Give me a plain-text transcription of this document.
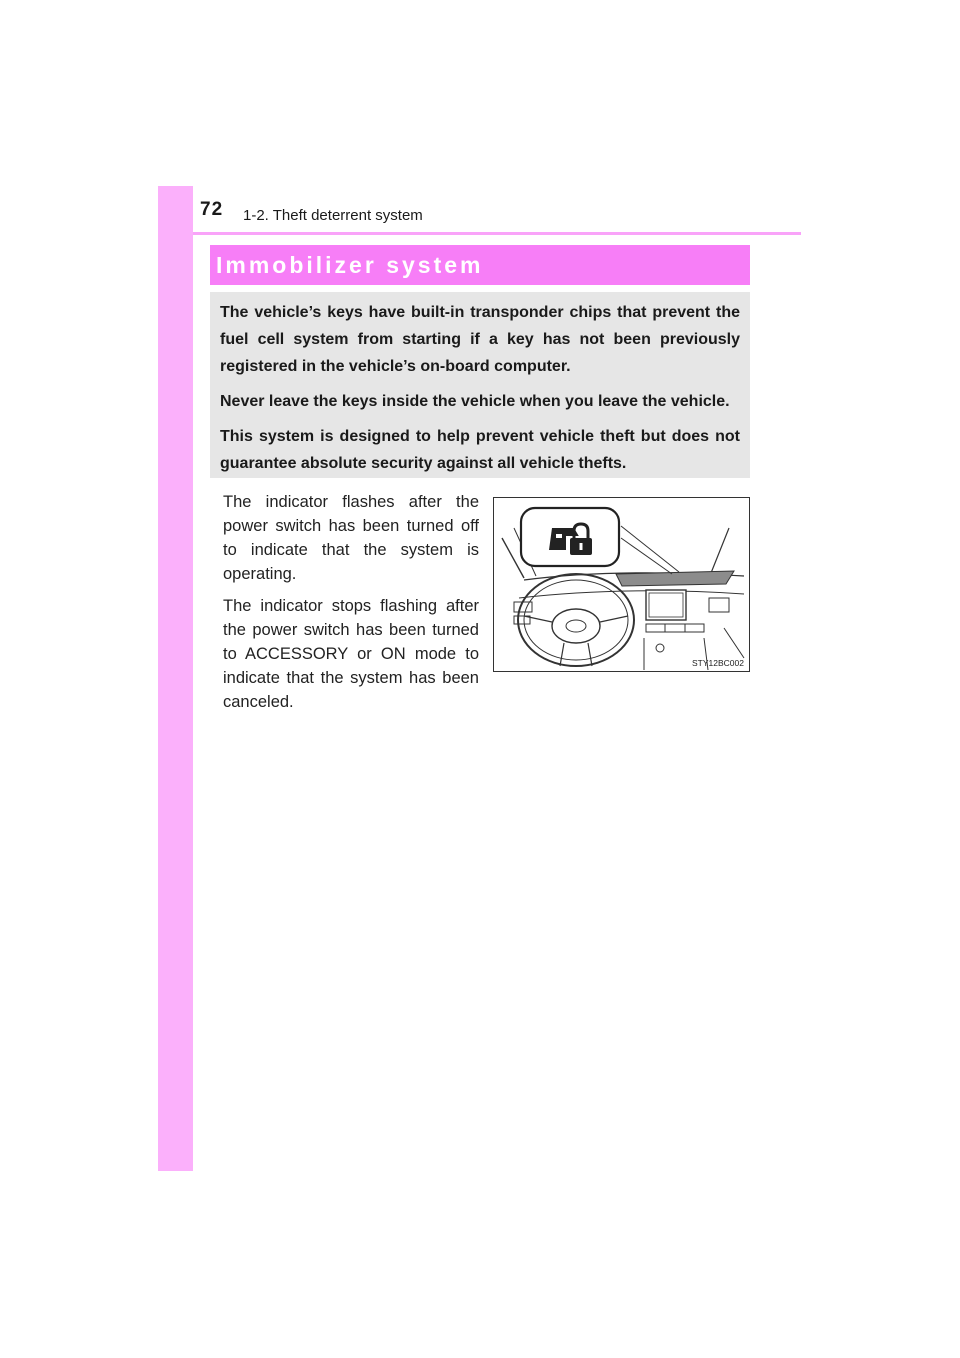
72 1-2. Theft deterrent system
Immobilizer system

The vehicle’s keys have built-in transponder chips that prevent the fuel cell system from starting if a key has not been previously registered in the vehicle’s on-board computer.

Never leave the keys inside the vehicle when you leave the vehicle.

This system is designed to help prevent vehicle theft but does not guarantee absolute security against all vehicle thefts.

The indicator flashes after the power switch has been turned off to indicate that the system is operating.

The indicator stops flashing after the power switch has been turned to ACCESSORY or ON mode to indicate that the system has been canceled.

STY12BC002
